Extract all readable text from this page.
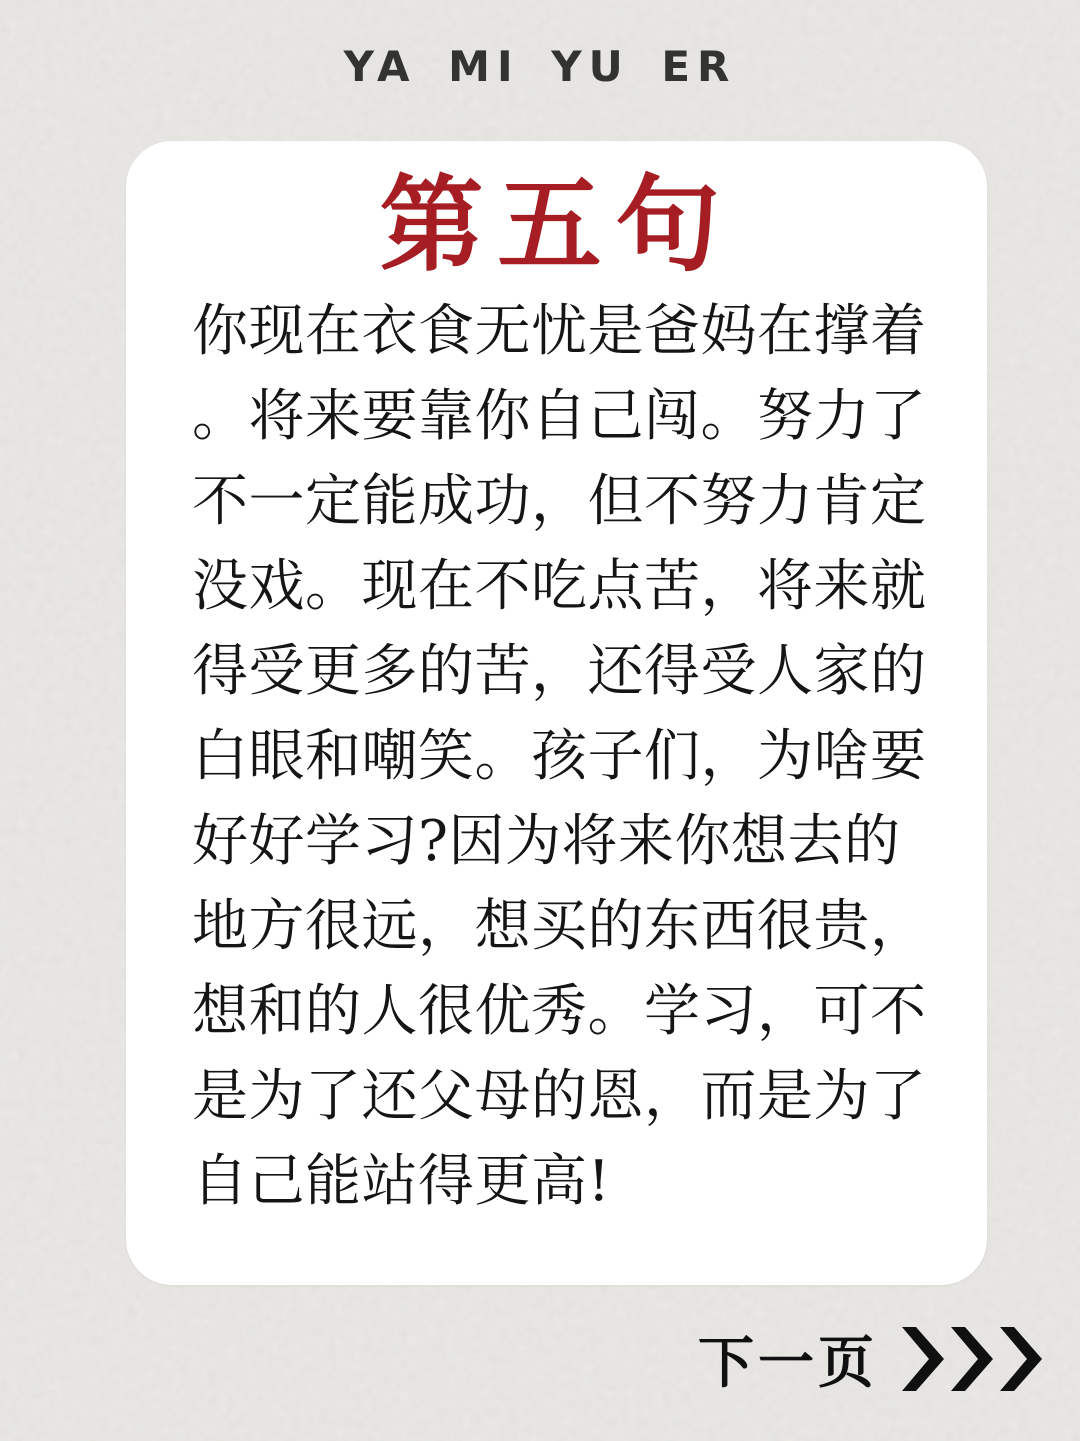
YA MI YU ER
第五句
你现在衣食无忧是爸妈在撑着
。将来要靠你自己闯。努力了
不一定能成功，但不努力肯定
没戏。现在不吃点苦，将来就
得受更多的苦，还得受人家的
白眼和嘲笑。孩子们，为啥要
好好学习?因为将来你想去的
地方很远，想买的东西很贵，
想和的人很优秀。学习，可不
是为了还父母的恩，而是为了
自己能站得更高!
下一页
